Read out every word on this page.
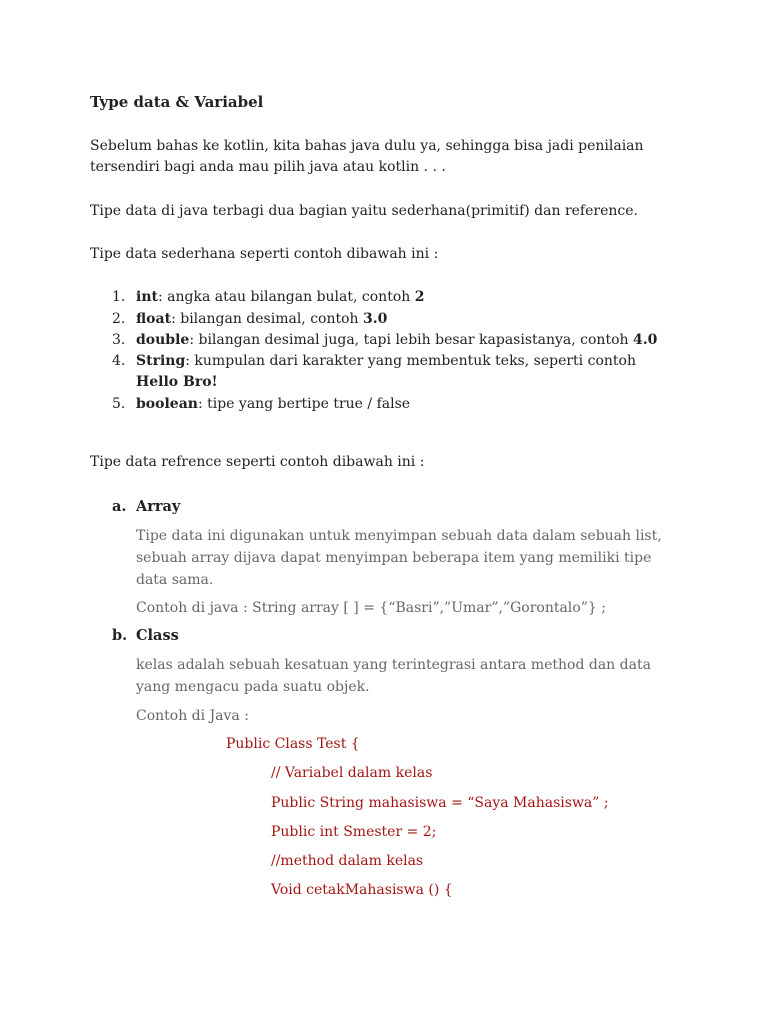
Type data & Variabel
Sebelum bahas ke kotlin, kita bahas java dulu ya, sehingga bisa jadi penilaian tersendiri bagi anda mau pilih java atau kotlin . . .
Tipe data di java terbagi dua bagian yaitu sederhana(primitif) dan reference.
Tipe data sederhana seperti contoh dibawah ini :
1. int: angka atau bilangan bulat, contoh 2
2. float: bilangan desimal, contoh 3.0
3. double: bilangan desimal juga, tapi lebih besar kapasistanya, contoh 4.0
4. String: kumpulan dari karakter yang membentuk teks, seperti contoh Hello Bro!
5. boolean: tipe yang bertipe true / false
Tipe data refrence seperti contoh dibawah ini :
a. Array
Tipe data ini digunakan untuk menyimpan sebuah data dalam sebuah list, sebuah array dijava dapat menyimpan beberapa item yang memiliki tipe data sama.
Contoh di java : String array [ ] = {“Basri”,”Umar”,”Gorontalo”} ;
b. Class
kelas adalah sebuah kesatuan yang terintegrasi antara method dan data yang mengacu pada suatu objek.
Contoh di Java :
Public Class Test {
// Variabel dalam kelas
Public String mahasiswa = “Saya Mahasiswa” ;
Public int Smester = 2;
//method dalam kelas
Void cetakMahasiswa () {
